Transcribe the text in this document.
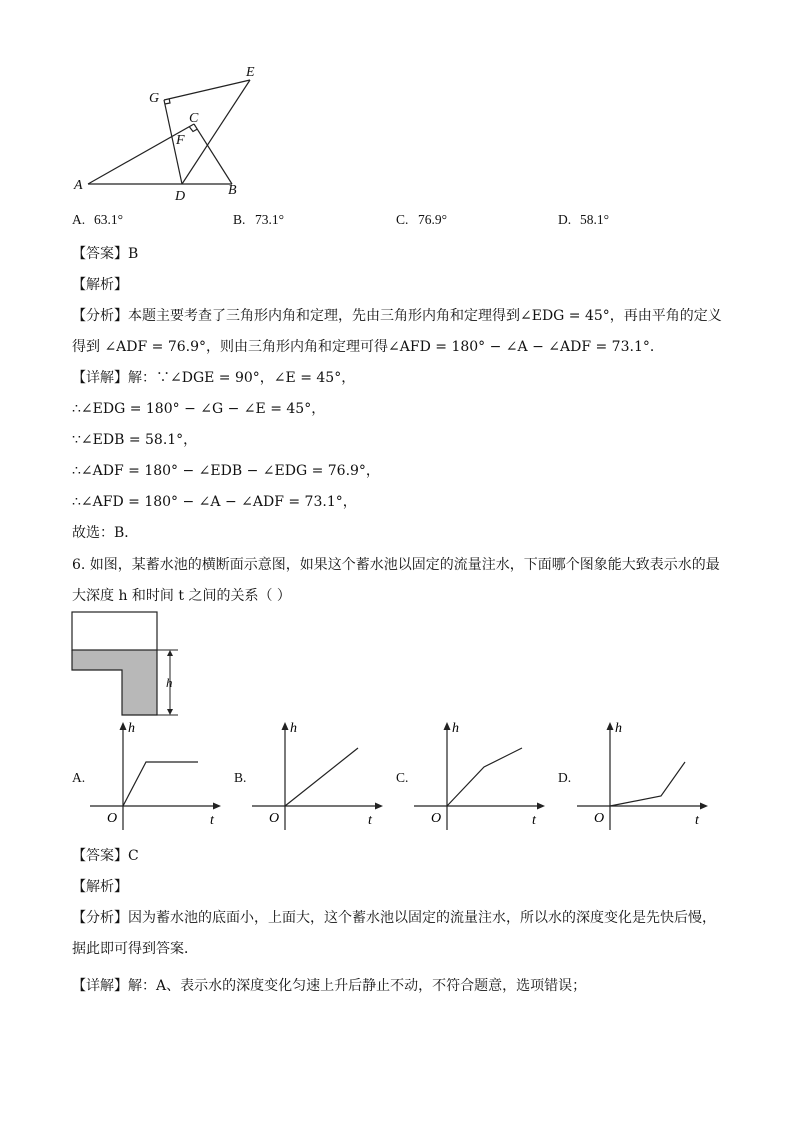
A	B
C
D
E
F
G
A. 63.1°	B. 73.1°	C. 76.9°	D. 58.1°
【答案】B
【解析】
【分析】本题主要考查了三角形内角和定理，先由三角形内角和定理得到∠EDG = 45°，再由平角的定义
得到 ∠ADF = 76.9°，则由三角形内角和定理可得∠AFD = 180° − ∠A − ∠ADF = 73.1°．
【详解】解：∵∠DGE = 90°，∠E = 45°，
∴∠EDG = 180° − ∠G − ∠E = 45°，
∵∠EDB = 58.1°，
∴∠ADF = 180° − ∠EDB − ∠EDG = 76.9°，
∴∠AFD = 180° − ∠A − ∠ADF = 73.1°，
故选：B．
6. 如图，某蓄水池的横断面示意图，如果这个蓄水池以固定的流量注水，下面哪个图象能大致表示水的最
大深度 h 和时间 t 之间的关系（ ）
h
A.
h
t
O
B.
h
t
O
C.
h
t
O
D.
h
t
O
【答案】C
【解析】
【分析】因为蓄水池的底面小，上面大，这个蓄水池以固定的流量注水，所以水的深度变化是先快后慢，
据此即可得到答案．
【详解】解：A、表示水的深度变化匀速上升后静止不动，不符合题意，选项错误；
